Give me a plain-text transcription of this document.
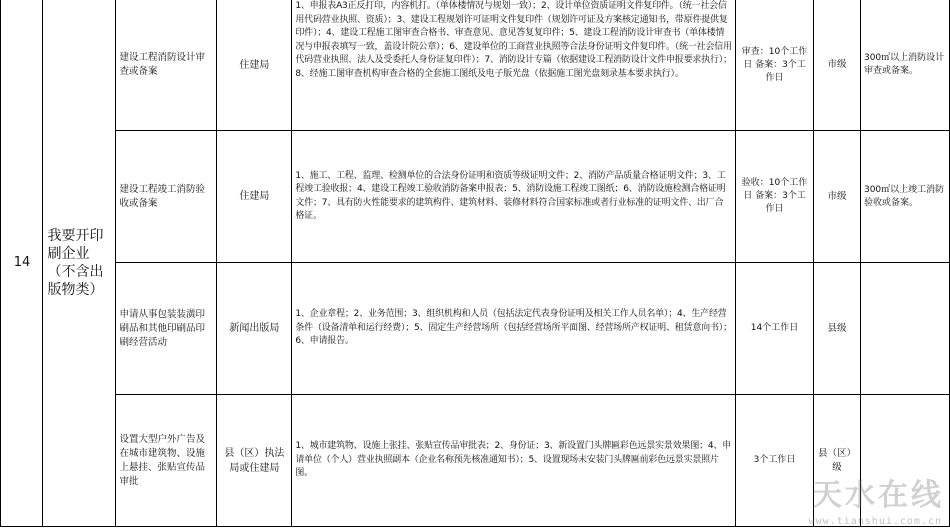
	14	我要开印刷企业（不含出版物类）	建设工程消防设计审查或备案	住建局	1、申报表A3正反打印，内容机打。（单体楼情况与规划一致）；2、设计单位资质证明文件复印件。（统一社会信用代码营业执照、资质）；3、建设工程规划许可证明文件复印件（规划许可证及方案核定通知书，带原件提供复印件）；4、建设工程施工图审查合格书、审查意见、意见答复复印件；5、建设工程消防设计审查书（单体楼情况与申报表填写一致，盖设计院公章）；6、建设单位的工商营业执照等合法身份证明文件复印件。（统一社会信用代码营业执照、法人及受委托人身份证复印件）；7、消防设计专篇（依据建设工程消防设计文件申报要求执行）；8、经施工图审查机构审查合格的全套施工图纸及电子版光盘（依据施工图光盘刻录基本要求执行）。	审查：10个工作日 备案：3个工作日	市级	300㎡以上消防设计审查或备案。
		建设工程竣工消防验收或备案	住建局	1、施工、工程、监理、检测单位的合法身份证明和资质等级证明文件；2、消防产品质量合格证明文件；3、工程竣工验收报；4、建设工程竣工验收消防备案申报表；5、消防设施工程竣工图纸；6、消防设施检测合格证明文件；7、具有防火性能要求的建筑构件、建筑材料、装修材料符合国家标准或者行业标准的证明文件、出厂合格证。	验收：10个工作日 备案：3个工作日	市级	300㎡以上竣工消防验收或备案。
		申请从事包装装潢印刷品和其他印刷品印刷经营活动	新闻出版局	1、企业章程；2、业务范围；3、组织机构和人员（包括法定代表身份证明及相关工作人员名单）；4、生产经营条件（设备清单和运行经费）；5、固定生产经营场所（包括经营场所平面图、经营场所产权证明、租赁意向书）；6、申请报告。	14个工作日	县级	
		设置大型户外广告及在城市建筑物、设施上悬挂、张贴宣传品审批	县（区）执法局或住建局	1、城市建筑物、设施上张挂、张贴宣传品审批表；2、身份证；3、新设置门头牌匾彩色远景实景效果图；4、申请单位（个人）营业执照副本（企业名称预先核准通知书）；5、设置现场未安装门头牌匾前彩色远景实景照片图。	3个工作日	县（区）级	
天水在线
www.tianshui.com.cn
